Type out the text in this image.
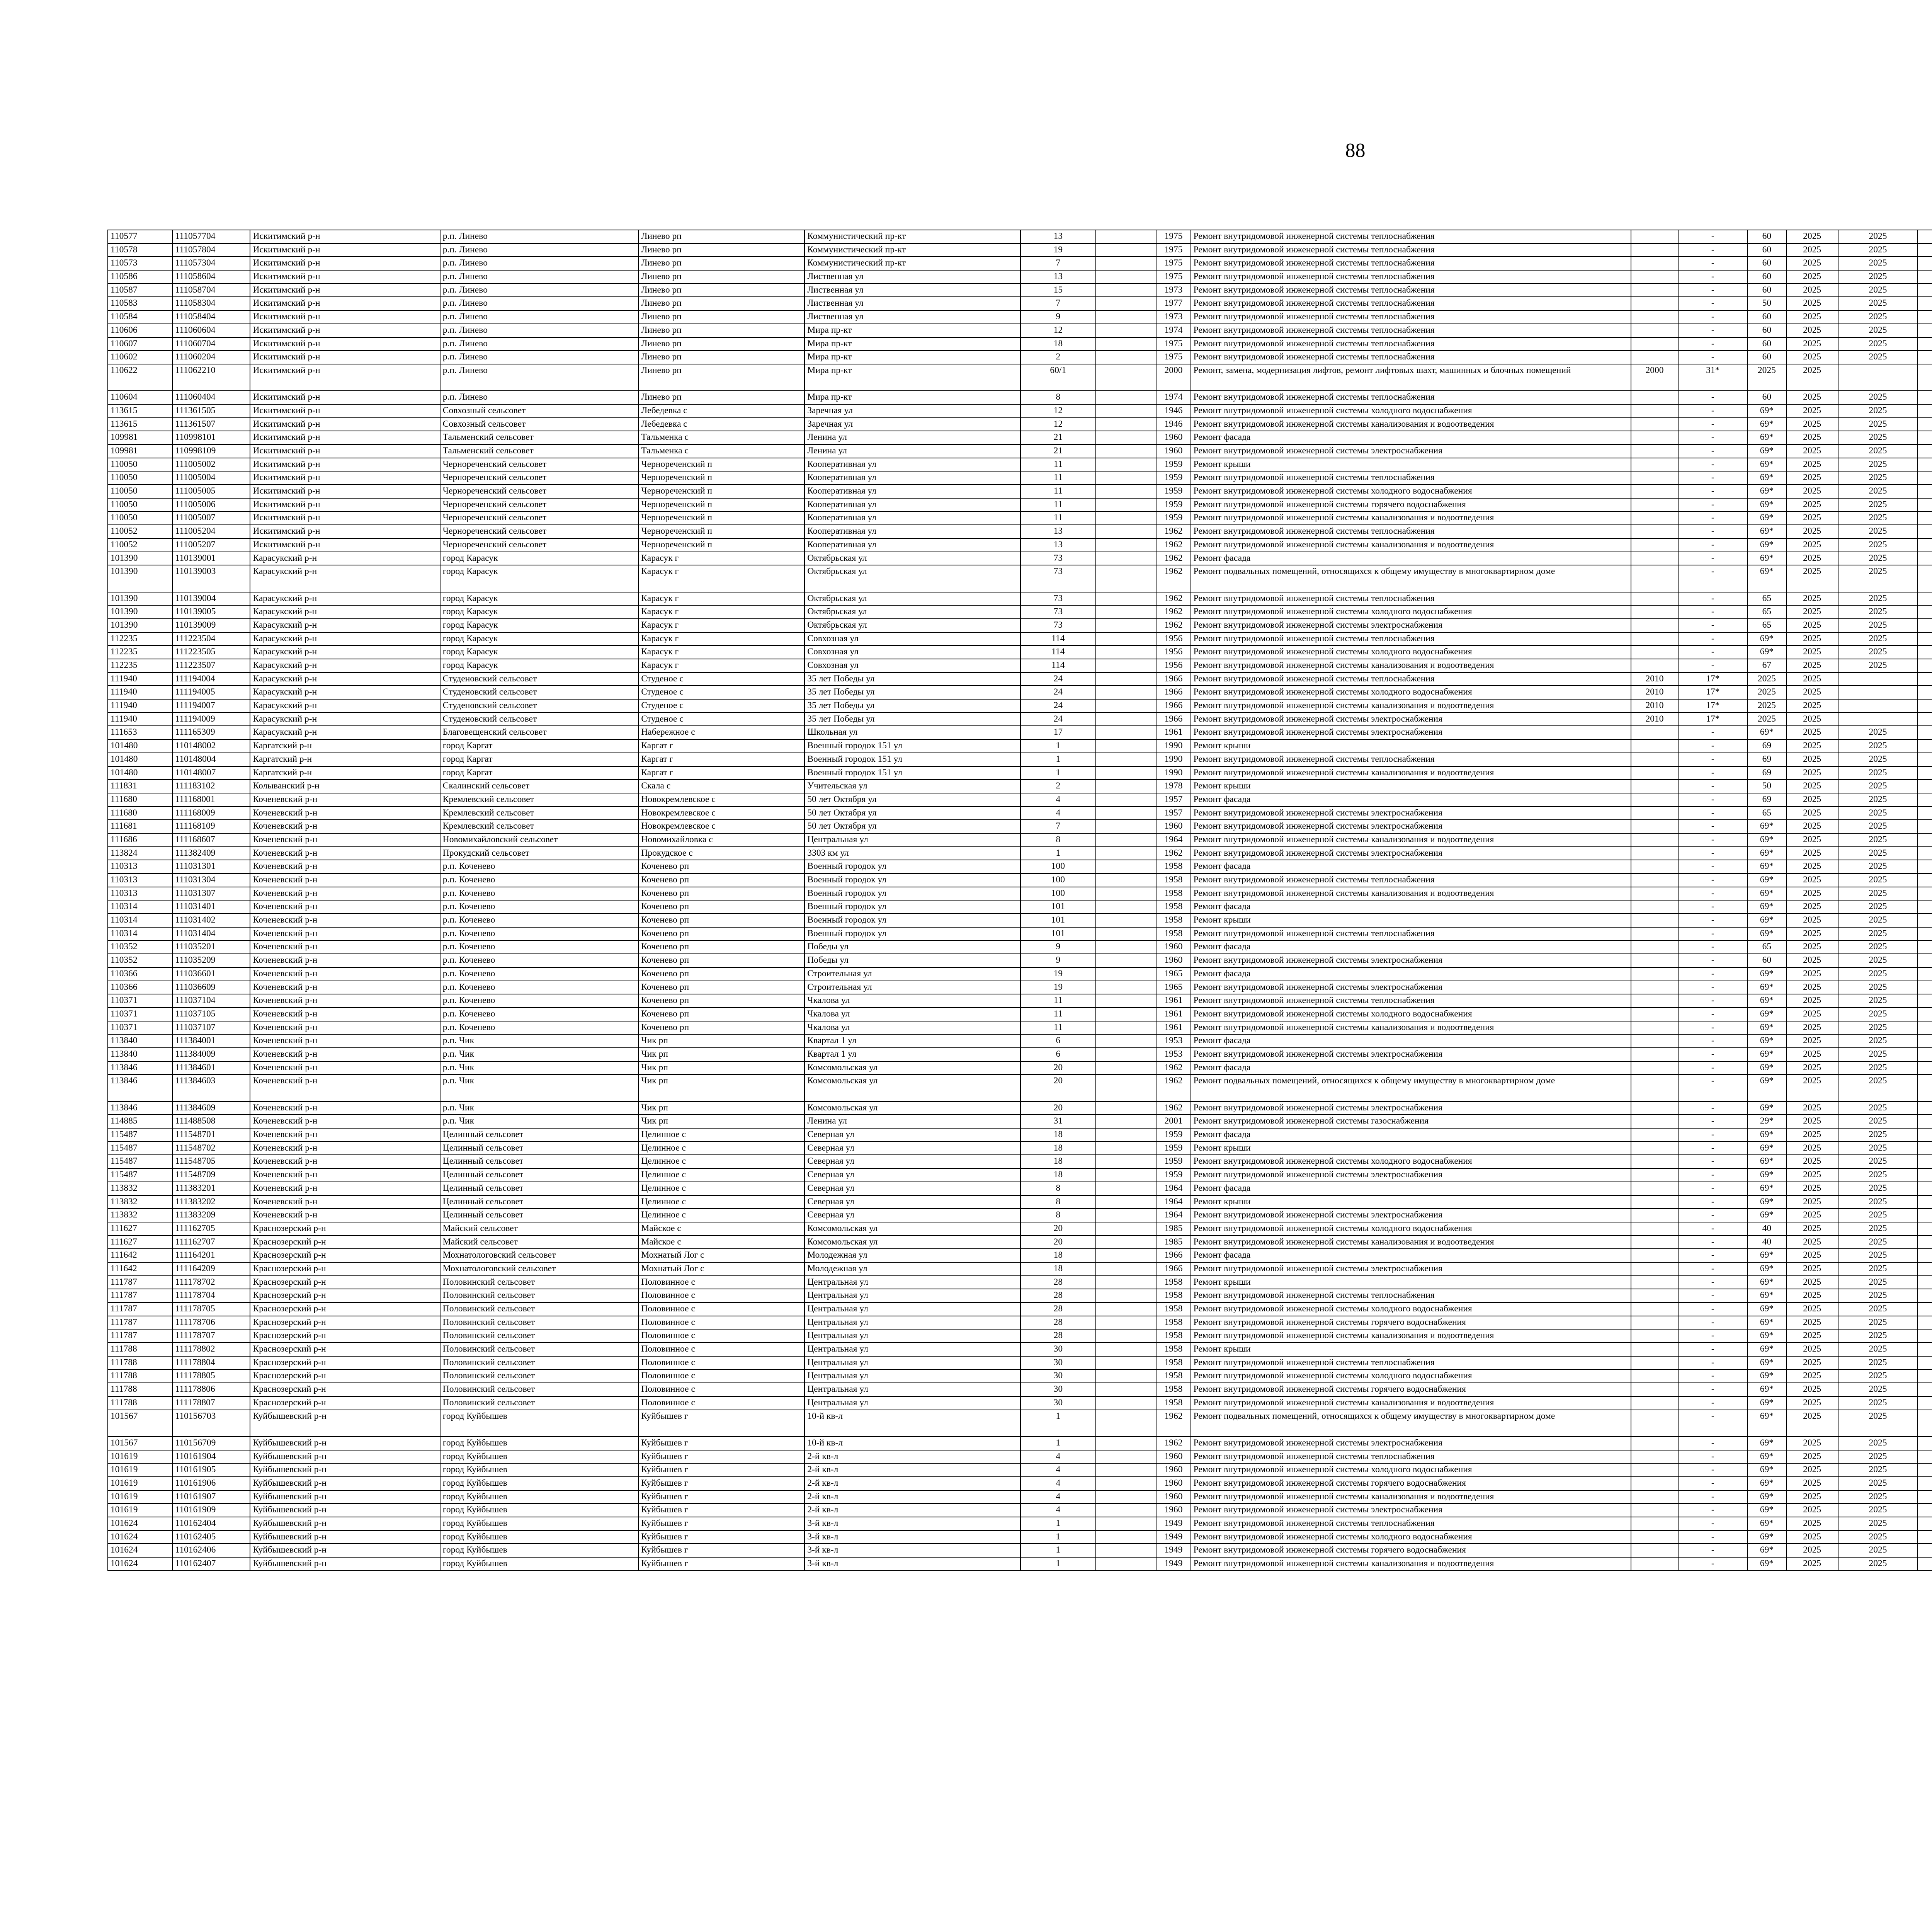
88
110577	111057704	Искитимский р-н	р.п. Линево	Линево рп	Коммунистический пр-кт	13		1975	Ремонт внутридомовой инженерной системы теплоснабжения		-	60	2025	2025							
110578	111057804	Искитимский р-н	р.п. Линево	Линево рп	Коммунистический пр-кт	19		1975	Ремонт внутридомовой инженерной системы теплоснабжения		-	60	2025	2025							
110573	111057304	Искитимский р-н	р.п. Линево	Линево рп	Коммунистический пр-кт	7		1975	Ремонт внутридомовой инженерной системы теплоснабжения		-	60	2025	2025							
110586	111058604	Искитимский р-н	р.п. Линево	Линево рп	Лиственная ул	13		1975	Ремонт внутридомовой инженерной системы теплоснабжения		-	60	2025	2025							
110587	111058704	Искитимский р-н	р.п. Линево	Линево рп	Лиственная ул	15		1973	Ремонт внутридомовой инженерной системы теплоснабжения		-	60	2025	2025							
110583	111058304	Искитимский р-н	р.п. Линево	Линево рп	Лиственная ул	7		1977	Ремонт внутридомовой инженерной системы теплоснабжения		-	50	2025	2025							
110584	111058404	Искитимский р-н	р.п. Линево	Линево рп	Лиственная ул	9		1973	Ремонт внутридомовой инженерной системы теплоснабжения		-	60	2025	2025							
110606	111060604	Искитимский р-н	р.п. Линево	Линево рп	Мира пр-кт	12		1974	Ремонт внутридомовой инженерной системы теплоснабжения		-	60	2025	2025							
110607	111060704	Искитимский р-н	р.п. Линево	Линево рп	Мира пр-кт	18		1975	Ремонт внутридомовой инженерной системы теплоснабжения		-	60	2025	2025							
110602	111060204	Искитимский р-н	р.п. Линево	Линево рп	Мира пр-кт	2		1975	Ремонт внутридомовой инженерной системы теплоснабжения		-	60	2025	2025							
110622	111062210	Искитимский р-н	р.п. Линево	Линево рп	Мира пр-кт	60/1		2000	Ремонт, замена, модернизация лифтов, ремонт лифтовых шахт, машинных и блочных помещений	2000	31*	2025	2025								
110604	111060404	Искитимский р-н	р.п. Линево	Линево рп	Мира пр-кт	8		1974	Ремонт внутридомовой инженерной системы теплоснабжения		-	60	2025	2025							
113615	111361505	Искитимский р-н	Совхозный сельсовет	Лебедевка с	Заречная ул	12		1946	Ремонт внутридомовой инженерной системы холодного водоснабжения		-	69*	2025	2025							
113615	111361507	Искитимский р-н	Совхозный сельсовет	Лебедевка с	Заречная ул	12		1946	Ремонт внутридомовой инженерной системы канализования и водоотведения		-	69*	2025	2025							
109981	110998101	Искитимский р-н	Тальменский сельсовет	Тальменка с	Ленина ул	21		1960	Ремонт фасада		-	69*	2025	2025							
109981	110998109	Искитимский р-н	Тальменский сельсовет	Тальменка с	Ленина ул	21		1960	Ремонт внутридомовой инженерной системы электроснабжения		-	69*	2025	2025							
110050	111005002	Искитимский р-н	Чернореченский сельсовет	Чернореченский п	Кооперативная ул	11		1959	Ремонт крыши		-	69*	2025	2025							
110050	111005004	Искитимский р-н	Чернореченский сельсовет	Чернореченский п	Кооперативная ул	11		1959	Ремонт внутридомовой инженерной системы теплоснабжения		-	69*	2025	2025							
110050	111005005	Искитимский р-н	Чернореченский сельсовет	Чернореченский п	Кооперативная ул	11		1959	Ремонт внутридомовой инженерной системы холодного водоснабжения		-	69*	2025	2025							
110050	111005006	Искитимский р-н	Чернореченский сельсовет	Чернореченский п	Кооперативная ул	11		1959	Ремонт внутридомовой инженерной системы горячего водоснабжения		-	69*	2025	2025							
110050	111005007	Искитимский р-н	Чернореченский сельсовет	Чернореченский п	Кооперативная ул	11		1959	Ремонт внутридомовой инженерной системы канализования и водоотведения		-	69*	2025	2025							
110052	111005204	Искитимский р-н	Чернореченский сельсовет	Чернореченский п	Кооперативная ул	13		1962	Ремонт внутридомовой инженерной системы теплоснабжения		-	69*	2025	2025							
110052	111005207	Искитимский р-н	Чернореченский сельсовет	Чернореченский п	Кооперативная ул	13		1962	Ремонт внутридомовой инженерной системы канализования и водоотведения		-	69*	2025	2025							
101390	110139001	Карасукский р-н	город Карасук	Карасук г	Октябрьская ул	73		1962	Ремонт фасада		-	69*	2025	2025							
101390	110139003	Карасукский р-н	город Карасук	Карасук г	Октябрьская ул	73		1962	Ремонт подвальных помещений, относящихся к общему имуществу в многоквартирном доме		-	69*	2025	2025							
101390	110139004	Карасукский р-н	город Карасук	Карасук г	Октябрьская ул	73		1962	Ремонт внутридомовой инженерной системы теплоснабжения		-	65	2025	2025							
101390	110139005	Карасукский р-н	город Карасук	Карасук г	Октябрьская ул	73		1962	Ремонт внутридомовой инженерной системы холодного водоснабжения		-	65	2025	2025							
101390	110139009	Карасукский р-н	город Карасук	Карасук г	Октябрьская ул	73		1962	Ремонт внутридомовой инженерной системы электроснабжения		-	65	2025	2025							
112235	111223504	Карасукский р-н	город Карасук	Карасук г	Совхозная ул	114		1956	Ремонт внутридомовой инженерной системы теплоснабжения		-	69*	2025	2025							
112235	111223505	Карасукский р-н	город Карасук	Карасук г	Совхозная ул	114		1956	Ремонт внутридомовой инженерной системы холодного водоснабжения		-	69*	2025	2025							
112235	111223507	Карасукский р-н	город Карасук	Карасук г	Совхозная ул	114		1956	Ремонт внутридомовой инженерной системы канализования и водоотведения		-	67	2025	2025							
111940	111194004	Карасукский р-н	Студеновский сельсовет	Студеное с	35 лет Победы ул	24		1966	Ремонт внутридомовой инженерной системы теплоснабжения	2010	17*	2025	2025								
111940	111194005	Карасукский р-н	Студеновский сельсовет	Студеное с	35 лет Победы ул	24		1966	Ремонт внутридомовой инженерной системы холодного водоснабжения	2010	17*	2025	2025								
111940	111194007	Карасукский р-н	Студеновский сельсовет	Студеное с	35 лет Победы ул	24		1966	Ремонт внутридомовой инженерной системы канализования и водоотведения	2010	17*	2025	2025								
111940	111194009	Карасукский р-н	Студеновский сельсовет	Студеное с	35 лет Победы ул	24		1966	Ремонт внутридомовой инженерной системы электроснабжения	2010	17*	2025	2025								
111653	111165309	Карасукский р-н	Благовещенский сельсовет	Набережное с	Школьная ул	17		1961	Ремонт внутридомовой инженерной системы электроснабжения		-	69*	2025	2025							
101480	110148002	Каргатский р-н	город Каргат	Каргат г	Военный городок 151 ул	1		1990	Ремонт крыши		-	69	2025	2025							
101480	110148004	Каргатский р-н	город Каргат	Каргат г	Военный городок 151 ул	1		1990	Ремонт внутридомовой инженерной системы теплоснабжения		-	69	2025	2025							
101480	110148007	Каргатский р-н	город Каргат	Каргат г	Военный городок 151 ул	1		1990	Ремонт внутридомовой инженерной системы канализования и водоотведения		-	69	2025	2025							
111831	111183102	Колыванский р-н	Скалинский сельсовет	Скала с	Учительская ул	2		1978	Ремонт крыши		-	50	2025	2025							
111680	111168001	Коченевский р-н	Кремлевский сельсовет	Новокремлевское с	50 лет Октября ул	4		1957	Ремонт фасада		-	69	2025	2025							
111680	111168009	Коченевский р-н	Кремлевский сельсовет	Новокремлевское с	50 лет Октября ул	4		1957	Ремонт внутридомовой инженерной системы электроснабжения		-	65	2025	2025							
111681	111168109	Коченевский р-н	Кремлевский сельсовет	Новокремлевское с	50 лет Октября ул	7		1960	Ремонт внутридомовой инженерной системы электроснабжения		-	69*	2025	2025							
111686	111168607	Коченевский р-н	Новомихайловский сельсовет	Новомихайловка с	Центральная ул	8		1964	Ремонт внутридомовой инженерной системы канализования и водоотведения		-	69*	2025	2025							
113824	111382409	Коченевский р-н	Прокудский сельсовет	Прокудское с	3303 км ул	1		1962	Ремонт внутридомовой инженерной системы электроснабжения		-	69*	2025	2025							
110313	111031301	Коченевский р-н	р.п. Коченево	Коченево рп	Военный городок ул	100		1958	Ремонт фасада		-	69*	2025	2025							
110313	111031304	Коченевский р-н	р.п. Коченево	Коченево рп	Военный городок ул	100		1958	Ремонт внутридомовой инженерной системы теплоснабжения		-	69*	2025	2025							
110313	111031307	Коченевский р-н	р.п. Коченево	Коченево рп	Военный городок ул	100		1958	Ремонт внутридомовой инженерной системы канализования и водоотведения		-	69*	2025	2025							
110314	111031401	Коченевский р-н	р.п. Коченево	Коченево рп	Военный городок ул	101		1958	Ремонт фасада		-	69*	2025	2025							
110314	111031402	Коченевский р-н	р.п. Коченево	Коченево рп	Военный городок ул	101		1958	Ремонт крыши		-	69*	2025	2025							
110314	111031404	Коченевский р-н	р.п. Коченево	Коченево рп	Военный городок ул	101		1958	Ремонт внутридомовой инженерной системы теплоснабжения		-	69*	2025	2025							
110352	111035201	Коченевский р-н	р.п. Коченево	Коченево рп	Победы ул	9		1960	Ремонт фасада		-	65	2025	2025							
110352	111035209	Коченевский р-н	р.п. Коченево	Коченево рп	Победы ул	9		1960	Ремонт внутридомовой инженерной системы электроснабжения		-	60	2025	2025							
110366	111036601	Коченевский р-н	р.п. Коченево	Коченево рп	Строительная ул	19		1965	Ремонт фасада		-	69*	2025	2025							
110366	111036609	Коченевский р-н	р.п. Коченево	Коченево рп	Строительная ул	19		1965	Ремонт внутридомовой инженерной системы электроснабжения		-	69*	2025	2025							
110371	111037104	Коченевский р-н	р.п. Коченево	Коченево рп	Чкалова ул	11		1961	Ремонт внутридомовой инженерной системы теплоснабжения		-	69*	2025	2025							
110371	111037105	Коченевский р-н	р.п. Коченево	Коченево рп	Чкалова ул	11		1961	Ремонт внутридомовой инженерной системы холодного водоснабжения		-	69*	2025	2025							
110371	111037107	Коченевский р-н	р.п. Коченево	Коченево рп	Чкалова ул	11		1961	Ремонт внутридомовой инженерной системы канализования и водоотведения		-	69*	2025	2025							
113840	111384001	Коченевский р-н	р.п. Чик	Чик рп	Квартал 1 ул	6		1953	Ремонт фасада		-	69*	2025	2025							
113840	111384009	Коченевский р-н	р.п. Чик	Чик рп	Квартал 1 ул	6		1953	Ремонт внутридомовой инженерной системы электроснабжения		-	69*	2025	2025							
113846	111384601	Коченевский р-н	р.п. Чик	Чик рп	Комсомольская ул	20		1962	Ремонт фасада		-	69*	2025	2025							
113846	111384603	Коченевский р-н	р.п. Чик	Чик рп	Комсомольская ул	20		1962	Ремонт подвальных помещений, относящихся к общему имуществу в многоквартирном доме		-	69*	2025	2025							
113846	111384609	Коченевский р-н	р.п. Чик	Чик рп	Комсомольская ул	20		1962	Ремонт внутридомовой инженерной системы электроснабжения		-	69*	2025	2025							
114885	111488508	Коченевский р-н	р.п. Чик	Чик рп	Ленина ул	31		2001	Ремонт внутридомовой инженерной системы газоснабжения		-	29*	2025	2025							
115487	111548701	Коченевский р-н	Целинный сельсовет	Целинное с	Северная ул	18		1959	Ремонт фасада		-	69*	2025	2025							
115487	111548702	Коченевский р-н	Целинный сельсовет	Целинное с	Северная ул	18		1959	Ремонт крыши		-	69*	2025	2025							
115487	111548705	Коченевский р-н	Целинный сельсовет	Целинное с	Северная ул	18		1959	Ремонт внутридомовой инженерной системы холодного водоснабжения		-	69*	2025	2025							
115487	111548709	Коченевский р-н	Целинный сельсовет	Целинное с	Северная ул	18		1959	Ремонт внутридомовой инженерной системы электроснабжения		-	69*	2025	2025							
113832	111383201	Коченевский р-н	Целинный сельсовет	Целинное с	Северная ул	8		1964	Ремонт фасада		-	69*	2025	2025							
113832	111383202	Коченевский р-н	Целинный сельсовет	Целинное с	Северная ул	8		1964	Ремонт крыши		-	69*	2025	2025							
113832	111383209	Коченевский р-н	Целинный сельсовет	Целинное с	Северная ул	8		1964	Ремонт внутридомовой инженерной системы электроснабжения		-	69*	2025	2025							
111627	111162705	Краснозерский р-н	Майский сельсовет	Майское с	Комсомольская ул	20		1985	Ремонт внутридомовой инженерной системы холодного водоснабжения		-	40	2025	2025							
111627	111162707	Краснозерский р-н	Майский сельсовет	Майское с	Комсомольская ул	20		1985	Ремонт внутридомовой инженерной системы канализования и водоотведения		-	40	2025	2025							
111642	111164201	Краснозерский р-н	Мохнатологовский сельсовет	Мохнатый Лог с	Молодежная ул	18		1966	Ремонт фасада		-	69*	2025	2025							
111642	111164209	Краснозерский р-н	Мохнатологовский сельсовет	Мохнатый Лог с	Молодежная ул	18		1966	Ремонт внутридомовой инженерной системы электроснабжения		-	69*	2025	2025							
111787	111178702	Краснозерский р-н	Половинский сельсовет	Половинное с	Центральная ул	28		1958	Ремонт крыши		-	69*	2025	2025							
111787	111178704	Краснозерский р-н	Половинский сельсовет	Половинное с	Центральная ул	28		1958	Ремонт внутридомовой инженерной системы теплоснабжения		-	69*	2025	2025							
111787	111178705	Краснозерский р-н	Половинский сельсовет	Половинное с	Центральная ул	28		1958	Ремонт внутридомовой инженерной системы холодного водоснабжения		-	69*	2025	2025							
111787	111178706	Краснозерский р-н	Половинский сельсовет	Половинное с	Центральная ул	28		1958	Ремонт внутридомовой инженерной системы горячего водоснабжения		-	69*	2025	2025							
111787	111178707	Краснозерский р-н	Половинский сельсовет	Половинное с	Центральная ул	28		1958	Ремонт внутридомовой инженерной системы канализования и водоотведения		-	69*	2025	2025							
111788	111178802	Краснозерский р-н	Половинский сельсовет	Половинное с	Центральная ул	30		1958	Ремонт крыши		-	69*	2025	2025							
111788	111178804	Краснозерский р-н	Половинский сельсовет	Половинное с	Центральная ул	30		1958	Ремонт внутридомовой инженерной системы теплоснабжения		-	69*	2025	2025							
111788	111178805	Краснозерский р-н	Половинский сельсовет	Половинное с	Центральная ул	30		1958	Ремонт внутридомовой инженерной системы холодного водоснабжения		-	69*	2025	2025							
111788	111178806	Краснозерский р-н	Половинский сельсовет	Половинное с	Центральная ул	30		1958	Ремонт внутридомовой инженерной системы горячего водоснабжения		-	69*	2025	2025							
111788	111178807	Краснозерский р-н	Половинский сельсовет	Половинное с	Центральная ул	30		1958	Ремонт внутридомовой инженерной системы канализования и водоотведения		-	69*	2025	2025							
101567	110156703	Куйбышевский р-н	город Куйбышев	Куйбышев г	10-й кв-л	1		1962	Ремонт подвальных помещений, относящихся к общему имуществу в многоквартирном доме		-	69*	2025	2025							
101567	110156709	Куйбышевский р-н	город Куйбышев	Куйбышев г	10-й кв-л	1		1962	Ремонт внутридомовой инженерной системы электроснабжения		-	69*	2025	2025							
101619	110161904	Куйбышевский р-н	город Куйбышев	Куйбышев г	2-й кв-л	4		1960	Ремонт внутридомовой инженерной системы теплоснабжения		-	69*	2025	2025							
101619	110161905	Куйбышевский р-н	город Куйбышев	Куйбышев г	2-й кв-л	4		1960	Ремонт внутридомовой инженерной системы холодного водоснабжения		-	69*	2025	2025							
101619	110161906	Куйбышевский р-н	город Куйбышев	Куйбышев г	2-й кв-л	4		1960	Ремонт внутридомовой инженерной системы горячего водоснабжения		-	69*	2025	2025							
101619	110161907	Куйбышевский р-н	город Куйбышев	Куйбышев г	2-й кв-л	4		1960	Ремонт внутридомовой инженерной системы канализования и водоотведения		-	69*	2025	2025							
101619	110161909	Куйбышевский р-н	город Куйбышев	Куйбышев г	2-й кв-л	4		1960	Ремонт внутридомовой инженерной системы электроснабжения		-	69*	2025	2025							
101624	110162404	Куйбышевский р-н	город Куйбышев	Куйбышев г	3-й кв-л	1		1949	Ремонт внутридомовой инженерной системы теплоснабжения		-	69*	2025	2025							
101624	110162405	Куйбышевский р-н	город Куйбышев	Куйбышев г	3-й кв-л	1		1949	Ремонт внутридомовой инженерной системы холодного водоснабжения		-	69*	2025	2025							
101624	110162406	Куйбышевский р-н	город Куйбышев	Куйбышев г	3-й кв-л	1		1949	Ремонт внутридомовой инженерной системы горячего водоснабжения		-	69*	2025	2025							
101624	110162407	Куйбышевский р-н	город Куйбышев	Куйбышев г	3-й кв-л	1		1949	Ремонт внутридомовой инженерной системы канализования и водоотведения		-	69*	2025	2025							
